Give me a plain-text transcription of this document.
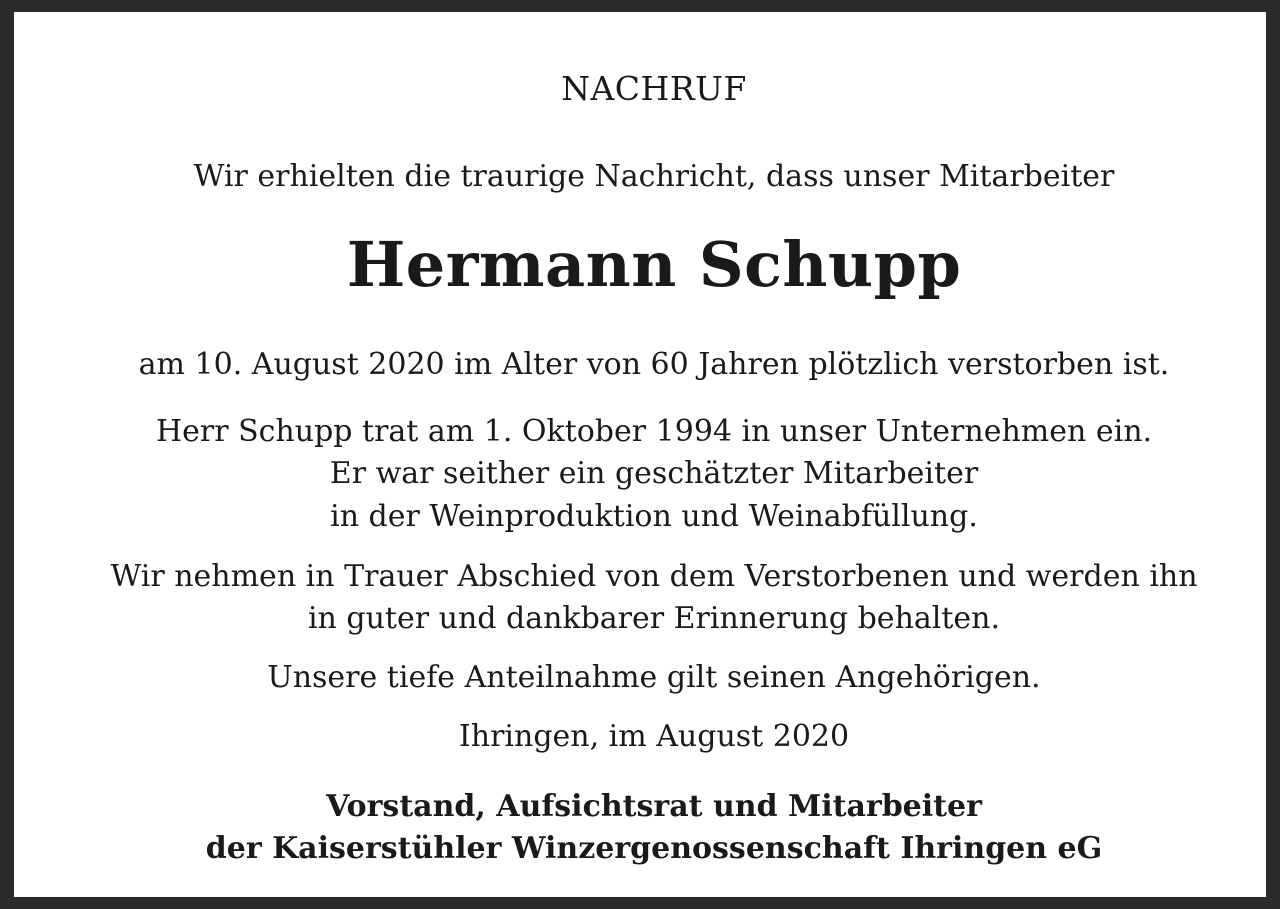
NACHRUF
Wir erhielten die traurige Nachricht, dass unser Mitarbeiter
Hermann Schupp
am 10. August 2020 im Alter von 60 Jahren plötzlich verstorben ist.
Herr Schupp trat am 1. Oktober 1994 in unser Unternehmen ein.
Er war seither ein geschätzter Mitarbeiter
in der Weinproduktion und Weinabfüllung.
Wir nehmen in Trauer Abschied von dem Verstorbenen und werden ihn
in guter und dankbarer Erinnerung behalten.
Unsere tiefe Anteilnahme gilt seinen Angehörigen.
Ihringen, im August 2020
Vorstand, Aufsichtsrat und Mitarbeiter
der Kaiserstühler Winzergenossenschaft Ihringen eG
